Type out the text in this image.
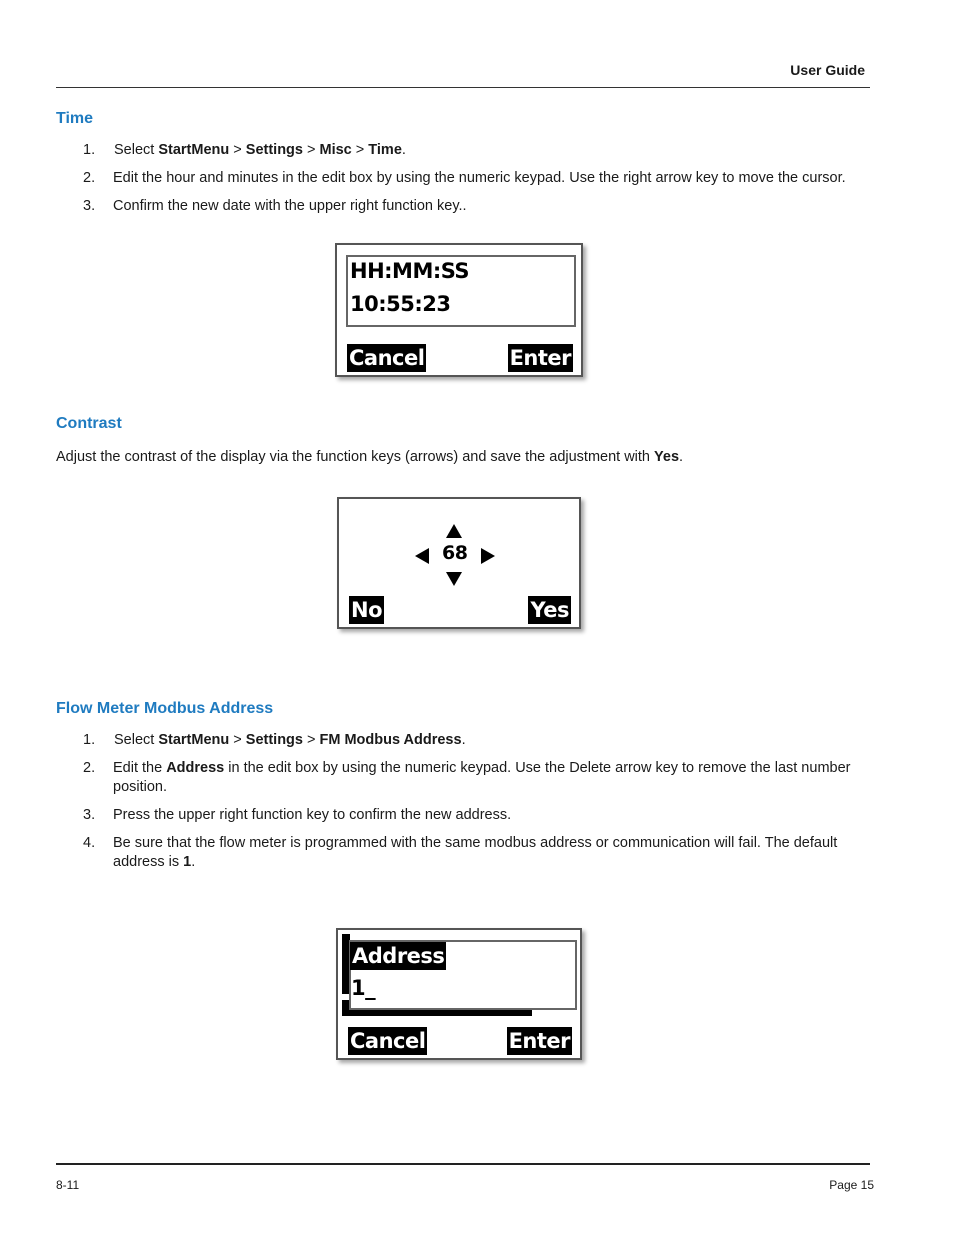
User Guide
Time
1.	Select StartMenu > Settings > Misc > Time.
2.	Edit the hour and minutes in the edit box by using the numeric keypad. Use the right arrow key to move the cursor.
3.	Confirm the new date with the upper right function key..
HH:MM:SS
10:55:23
Cancel	Enter
Contrast
Adjust the contrast of the display via the function keys (arrows) and save the adjustment with Yes.
68
No	Yes
Flow Meter Modbus Address
1.	Select StartMenu > Settings > FM Modbus Address.
2.	Edit the Address in the edit box by using the numeric keypad. Use the Delete arrow key to remove the last number position.
3.	Press the upper right function key to confirm the new address.
4.	Be sure that the flow meter is programmed with the same modbus address or communication will fail. The default address is 1.
Address
1_
Cancel	Enter
8-11	Page 15
